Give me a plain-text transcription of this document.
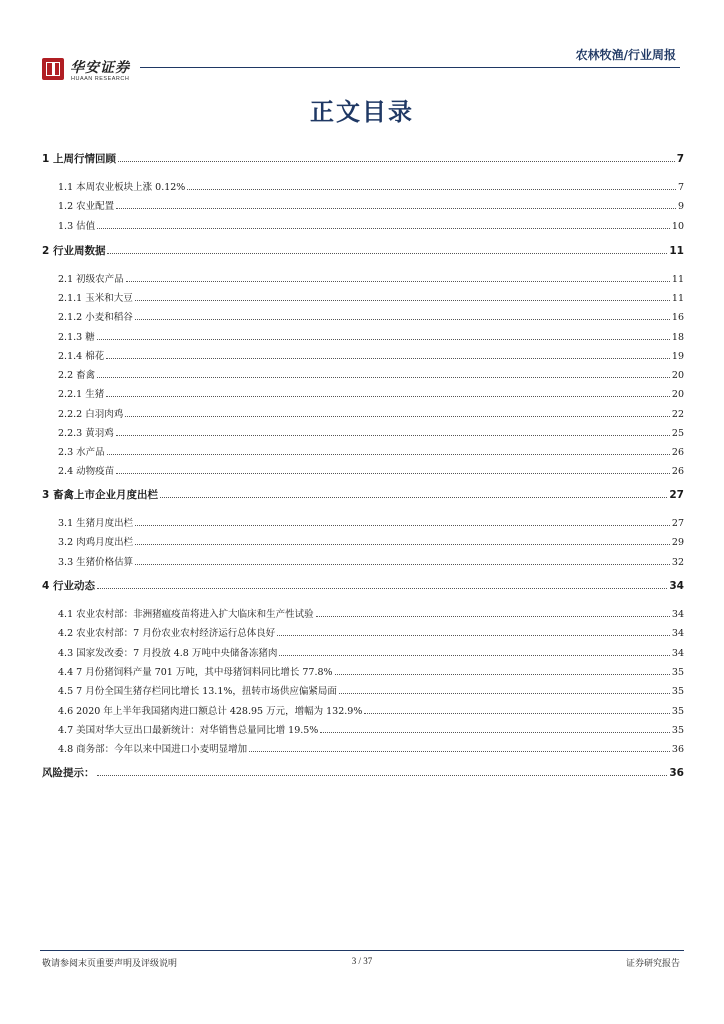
华安证券
HUAAN RESEARCH
农林牧渔/行业周报
正文目录
1 上周行情回顾	7
1.1 本周农业板块上涨 0.12%	7
1.2 农业配置	9
1.3 估值	10
2 行业周数据	11
2.1 初级农产品	11
2.1.1 玉米和大豆	11
2.1.2 小麦和稻谷	16
2.1.3 糖	18
2.1.4 棉花	19
2.2 畜禽	20
2.2.1 生猪	20
2.2.2 白羽肉鸡	22
2.2.3 黄羽鸡	25
2.3 水产品	26
2.4 动物疫苗	26
3 畜禽上市企业月度出栏	27
3.1 生猪月度出栏	27
3.2 肉鸡月度出栏	29
3.3 生猪价格估算	32
4 行业动态	34
4.1 农业农村部：非洲猪瘟疫苗将进入扩大临床和生产性试验	34
4.2 农业农村部：7 月份农业农村经济运行总体良好	34
4.3 国家发改委：7 月投放 4.8 万吨中央储备冻猪肉	34
4.4 7 月份猪饲料产量 701 万吨，其中母猪饲料同比增长 77.8%	35
4.5 7 月份全国生猪存栏同比增长 13.1%，扭转市场供应偏紧局面	35
4.6 2020 年上半年我国猪肉进口额总计 428.95 万元，增幅为 132.9%	35
4.7 美国对华大豆出口最新统计：对华销售总量同比增 19.5%	35
4.8 商务部：今年以来中国进口小麦明显增加	36
风险提示：	36
敬请参阅末页重要声明及评级说明	3 / 37	证券研究报告
